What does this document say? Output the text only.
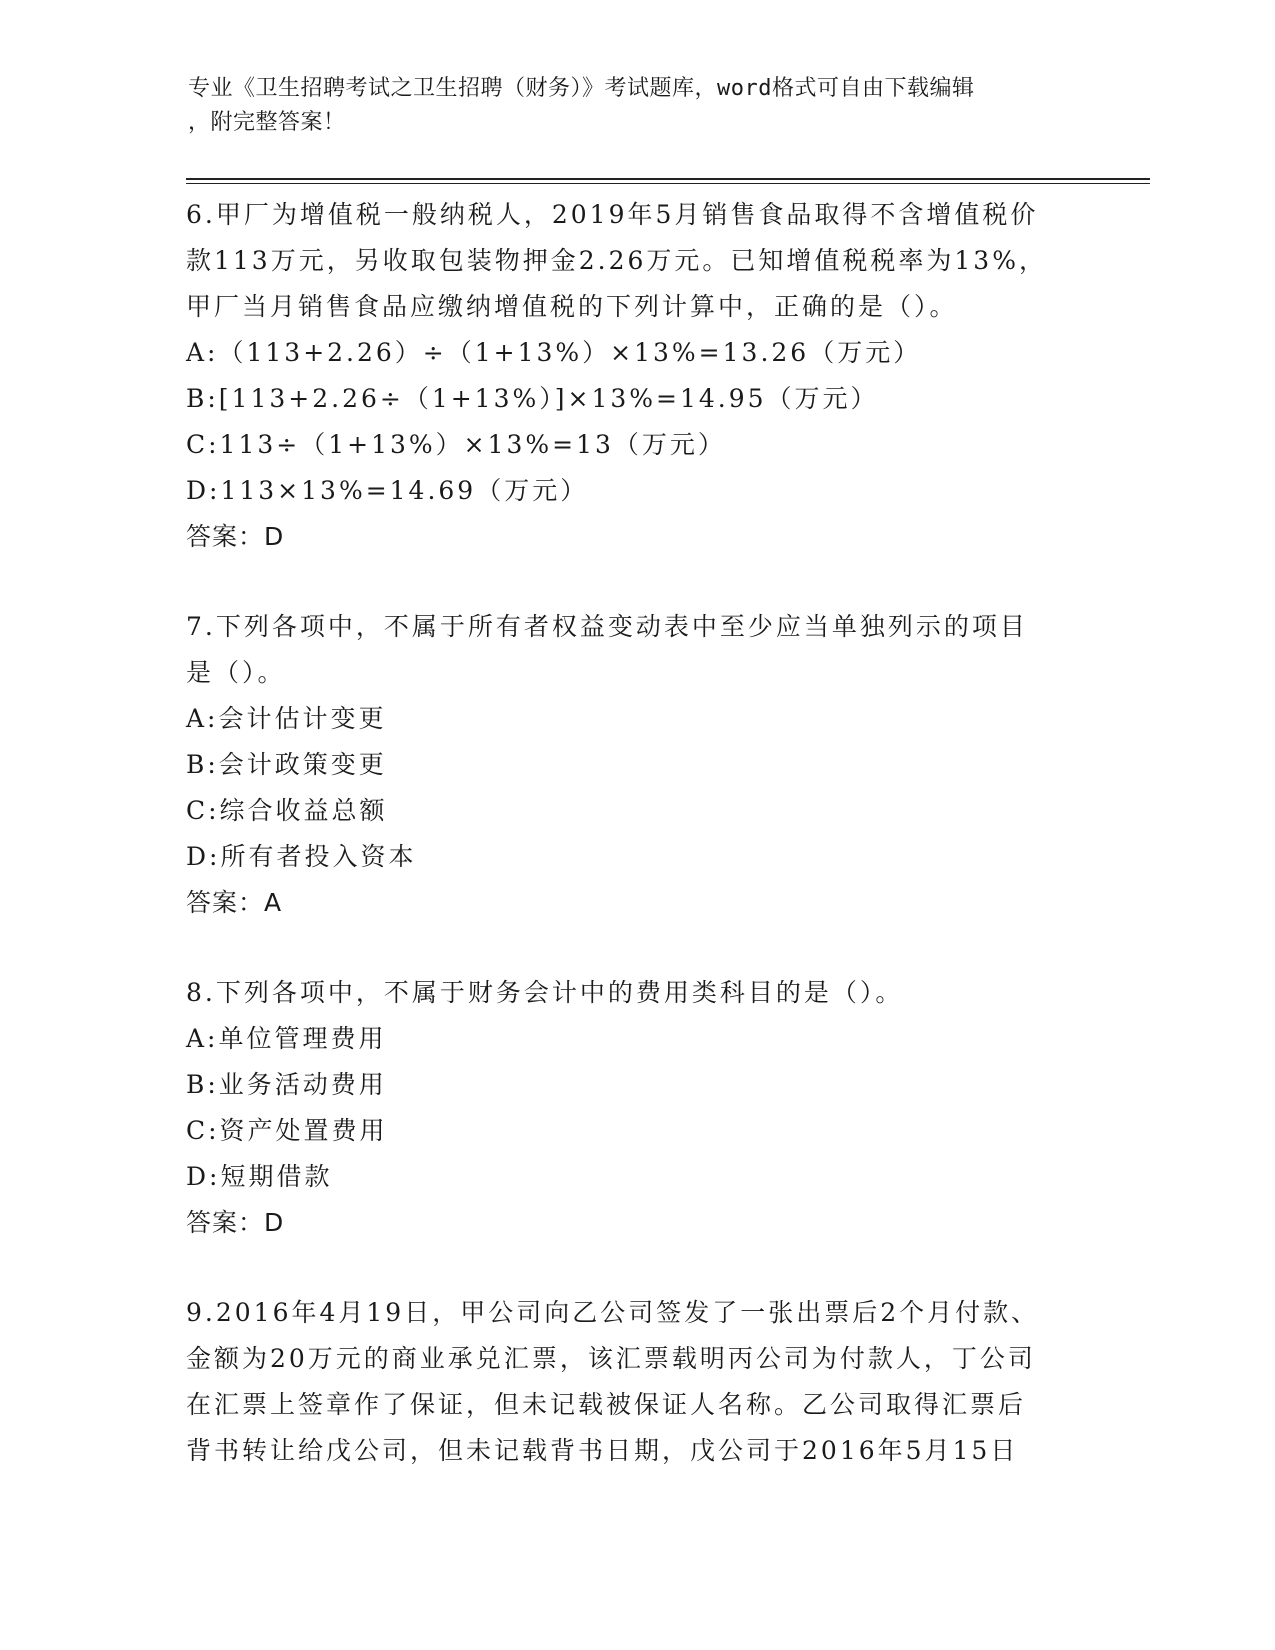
专业《卫生招聘考试之卫生招聘（财务）》考试题库，word格式可自由下载编辑
，附完整答案！

6.甲厂为增值税一般纳税人，2019年5月销售食品取得不含增值税价

款113万元，另收取包装物押金2.26万元。已知增值税税率为13%，

甲厂当月销售食品应缴纳增值税的下列计算中，正确的是（）。

A:（113+2.26）÷（1+13%）×13%=13.26（万元）

B:[113+2.26÷（1+13%）]×13%=14.95（万元）

C:113÷（1+13%）×13%=13（万元）

D:113×13%=14.69（万元）

答案：D

7.下列各项中，不属于所有者权益变动表中至少应当单独列示的项目

是（）。

A:会计估计变更

B:会计政策变更

C:综合收益总额

D:所有者投入资本

答案：A

8.下列各项中，不属于财务会计中的费用类科目的是（）。

A:单位管理费用

B:业务活动费用

C:资产处置费用

D:短期借款

答案：D

9.2016年4月19日，甲公司向乙公司签发了一张出票后2个月付款、

金额为20万元的商业承兑汇票，该汇票载明丙公司为付款人，丁公司

在汇票上签章作了保证，但未记载被保证人名称。乙公司取得汇票后

背书转让给戊公司，但未记载背书日期，戊公司于2016年5月15日
